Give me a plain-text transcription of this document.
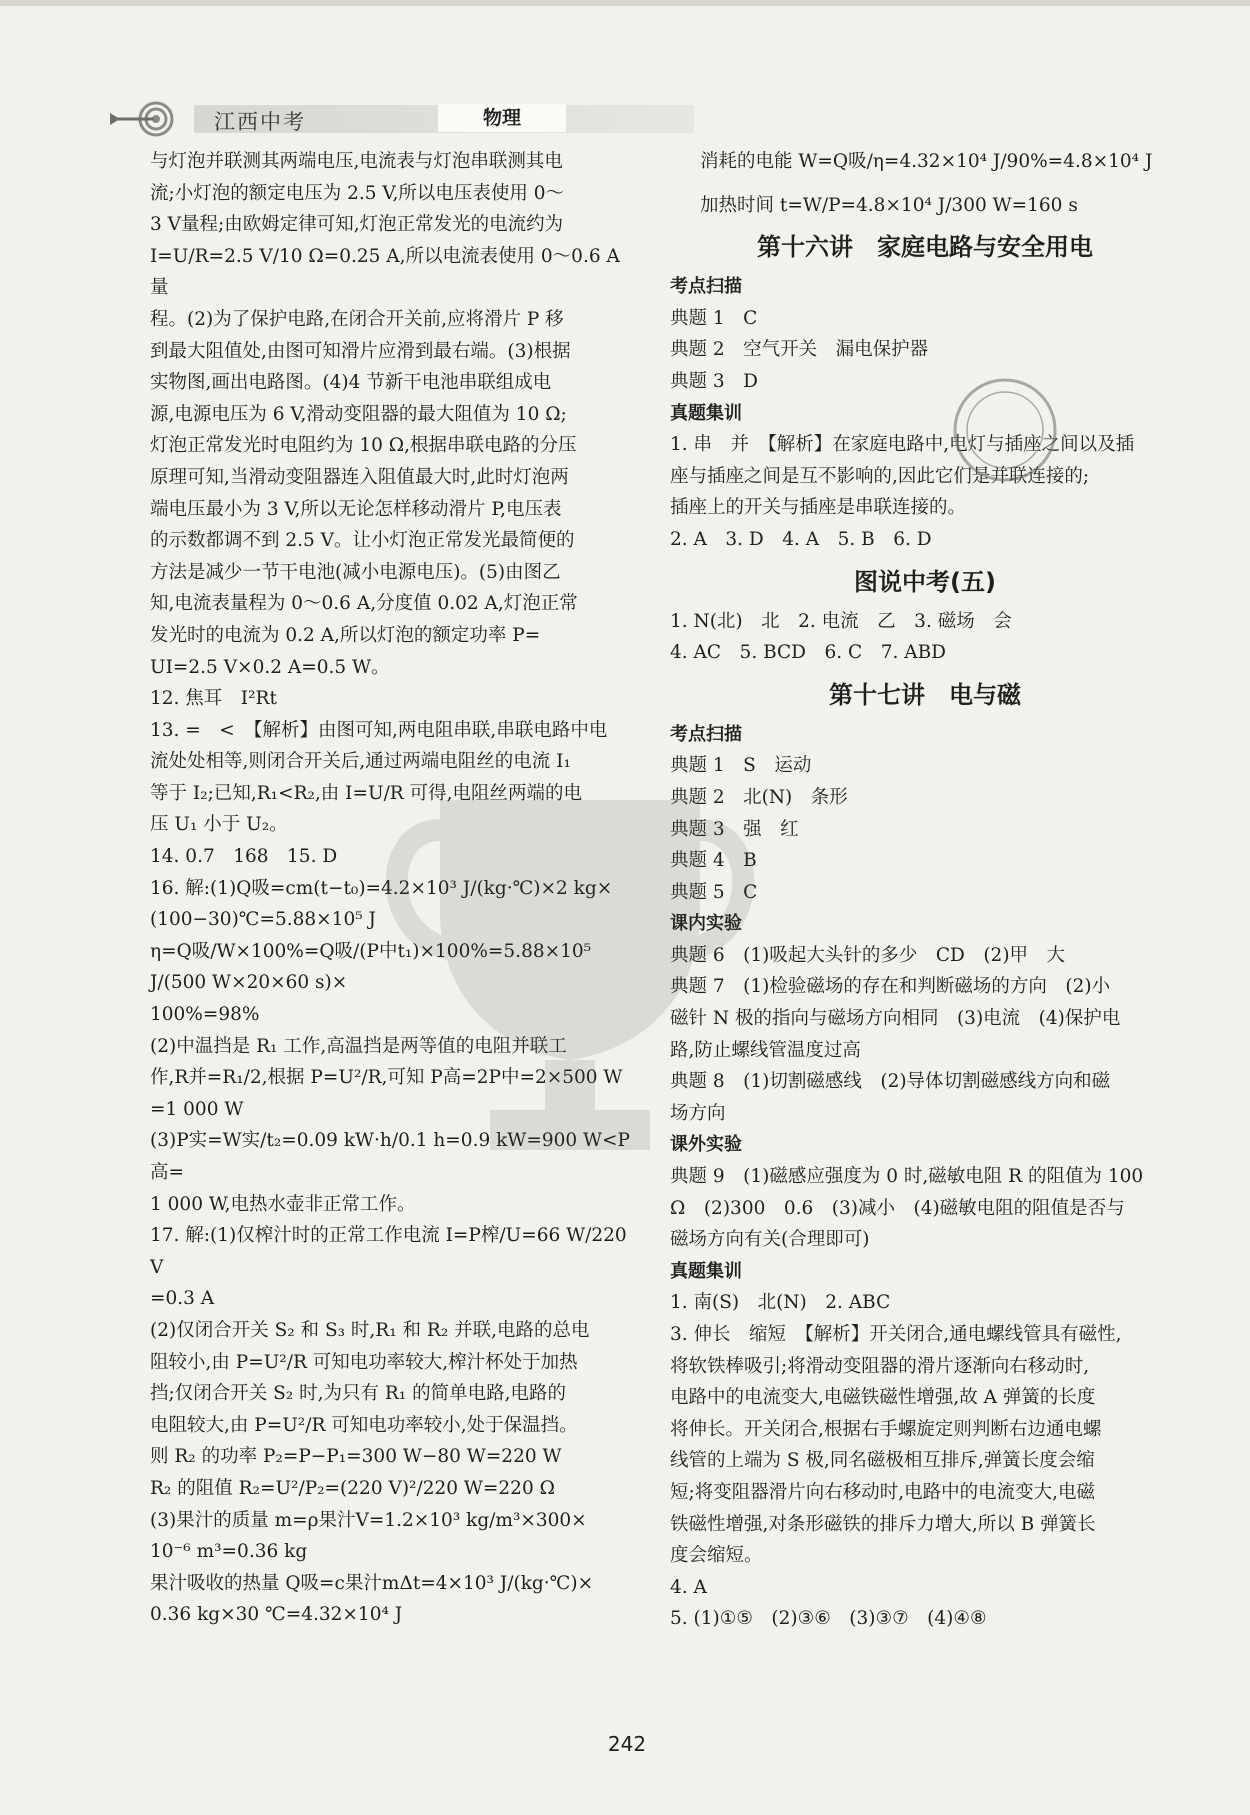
江西中考	物理

与灯泡并联测其两端电压,电流表与灯泡串联测其电

流;小灯泡的额定电压为 2.5 V,所以电压表使用 0～

3 V量程;由欧姆定律可知,灯泡正常发光的电流约为

I=U/R=2.5 V/10 Ω=0.25 A,所以电流表使用 0～0.6 A 量

程。(2)为了保护电路,在闭合开关前,应将滑片 P 移

到最大阻值处,由图可知滑片应滑到最右端。(3)根据

实物图,画出电路图。(4)4 节新干电池串联组成电

源,电源电压为 6 V,滑动变阻器的最大阻值为 10 Ω;

灯泡正常发光时电阻约为 10 Ω,根据串联电路的分压

原理可知,当滑动变阻器连入阻值最大时,此时灯泡两

端电压最小为 3 V,所以无论怎样移动滑片 P,电压表

的示数都调不到 2.5 V。让小灯泡正常发光最简便的

方法是减少一节干电池(减小电源电压)。(5)由图乙

知,电流表量程为 0～0.6 A,分度值 0.02 A,灯泡正常

发光时的电流为 0.2 A,所以灯泡的额定功率 P=

UI=2.5 V×0.2 A=0.5 W。

12. 焦耳　I²Rt

13. =　<　【解析】由图可知,两电阻串联,串联电路中电

流处处相等,则闭合开关后,通过两端电阻丝的电流 I₁

等于 I₂;已知,R₁<R₂,由 I=U/R 可得,电阻丝两端的电

压 U₁ 小于 U₂。

14. 0.7　168　15. D

16. 解:(1)Q吸=cm(t−t₀)=4.2×10³ J/(kg·℃)×2 kg×

(100−30)℃=5.88×10⁵ J

η=Q吸/W×100%=Q吸/(P中t₁)×100%=5.88×10⁵ J/(500 W×20×60 s)×

100%=98%

(2)中温挡是 R₁ 工作,高温挡是两等值的电阻并联工

作,R并=R₁/2,根据 P=U²/R,可知 P高=2P中=2×500 W

=1 000 W

(3)P实=W实/t₂=0.09 kW·h/0.1 h=0.9 kW=900 W<P高=

1 000 W,电热水壶非正常工作。

17. 解:(1)仅榨汁时的正常工作电流 I=P榨/U=66 W/220 V

=0.3 A

(2)仅闭合开关 S₂ 和 S₃ 时,R₁ 和 R₂ 并联,电路的总电

阻较小,由 P=U²/R 可知电功率较大,榨汁杯处于加热

挡;仅闭合开关 S₂ 时,为只有 R₁ 的简单电路,电路的

电阻较大,由 P=U²/R 可知电功率较小,处于保温挡。

则 R₂ 的功率 P₂=P−P₁=300 W−80 W=220 W

R₂ 的阻值 R₂=U²/P₂=(220 V)²/220 W=220 Ω

(3)果汁的质量 m=ρ果汁V=1.2×10³ kg/m³×300×

10⁻⁶ m³=0.36 kg

果汁吸收的热量 Q吸=c果汁mΔt=4×10³ J/(kg·℃)×

0.36 kg×30 ℃=4.32×10⁴ J

消耗的电能 W=Q吸/η=4.32×10⁴ J/90%=4.8×10⁴ J

加热时间 t=W/P=4.8×10⁴ J/300 W=160 s

第十六讲　家庭电路与安全用电

考点扫描

典题 1　C

典题 2　空气开关　漏电保护器

典题 3　D

真题集训

1. 串　并　【解析】在家庭电路中,电灯与插座之间以及插

座与插座之间是互不影响的,因此它们是并联连接的;

插座上的开关与插座是串联连接的。

2. A　3. D　4. A　5. B　6. D

图说中考(五)

1. N(北)　北　2. 电流　乙　3. 磁场　会

4. AC　5. BCD　6. C　7. ABD

第十七讲　电与磁

考点扫描

典题 1　S　运动

典题 2　北(N)　条形

典题 3　强　红

典题 4　B

典题 5　C

课内实验

典题 6　(1)吸起大头针的多少　CD　(2)甲　大

典题 7　(1)检验磁场的存在和判断磁场的方向　(2)小

磁针 N 极的指向与磁场方向相同　(3)电流　(4)保护电

路,防止螺线管温度过高

典题 8　(1)切割磁感线　(2)导体切割磁感线方向和磁

场方向

课外实验

典题 9　(1)磁感应强度为 0 时,磁敏电阻 R 的阻值为 100

Ω　(2)300　0.6　(3)减小　(4)磁敏电阻的阻值是否与

磁场方向有关(合理即可)

真题集训

1. 南(S)　北(N)　2. ABC

3. 伸长　缩短　【解析】开关闭合,通电螺线管具有磁性,

将软铁棒吸引;将滑动变阻器的滑片逐渐向右移动时,

电路中的电流变大,电磁铁磁性增强,故 A 弹簧的长度

将伸长。开关闭合,根据右手螺旋定则判断右边通电螺

线管的上端为 S 极,同名磁极相互排斥,弹簧长度会缩

短;将变阻器滑片向右移动时,电路中的电流变大,电磁

铁磁性增强,对条形磁铁的排斥力增大,所以 B 弹簧长

度会缩短。

4. A

5. (1)①⑤　(2)③⑥　(3)③⑦　(4)④⑧

242
